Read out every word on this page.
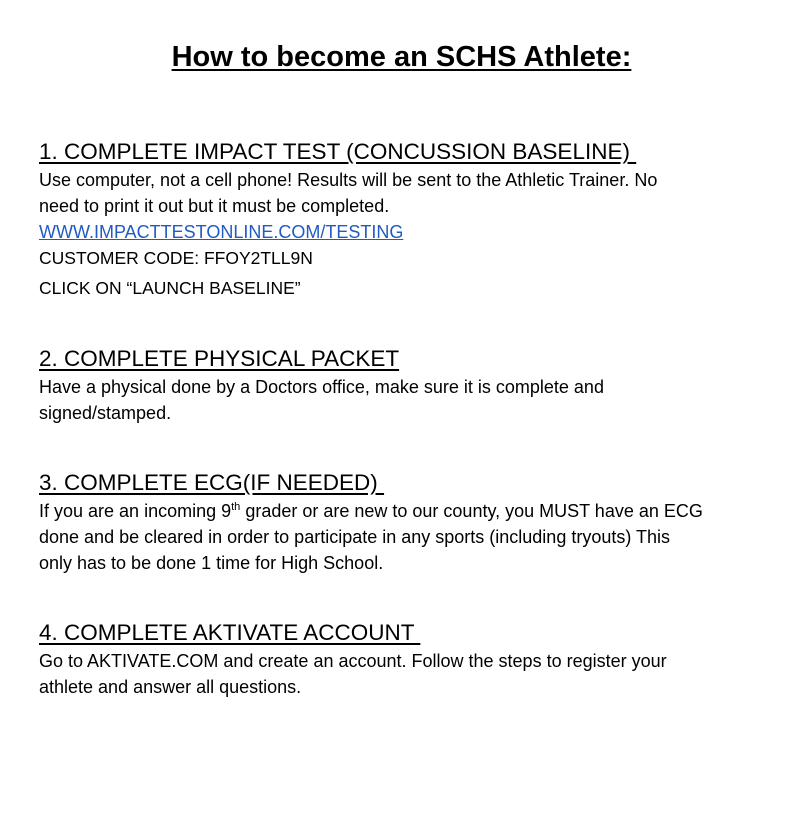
How to become an SCHS Athlete:
1. COMPLETE IMPACT TEST (CONCUSSION BASELINE)

Use computer, not a cell phone! Results will be sent to the Athletic Trainer. No

need to print it out but it must be completed.

WWW.IMPACTTESTONLINE.COM/TESTING

CUSTOMER CODE: FFOY2TLL9N

CLICK ON “LAUNCH BASELINE”

2. COMPLETE PHYSICAL PACKET

Have a physical done by a Doctors office, make sure it is complete and

signed/stamped.

3. COMPLETE ECG(IF NEEDED)

If you are an incoming 9th grader or are new to our county, you MUST have an ECG

done and be cleared in order to participate in any sports (including tryouts) This

only has to be done 1 time for High School.

4. COMPLETE AKTIVATE ACCOUNT

Go to AKTIVATE.COM and create an account. Follow the steps to register your

athlete and answer all questions.
